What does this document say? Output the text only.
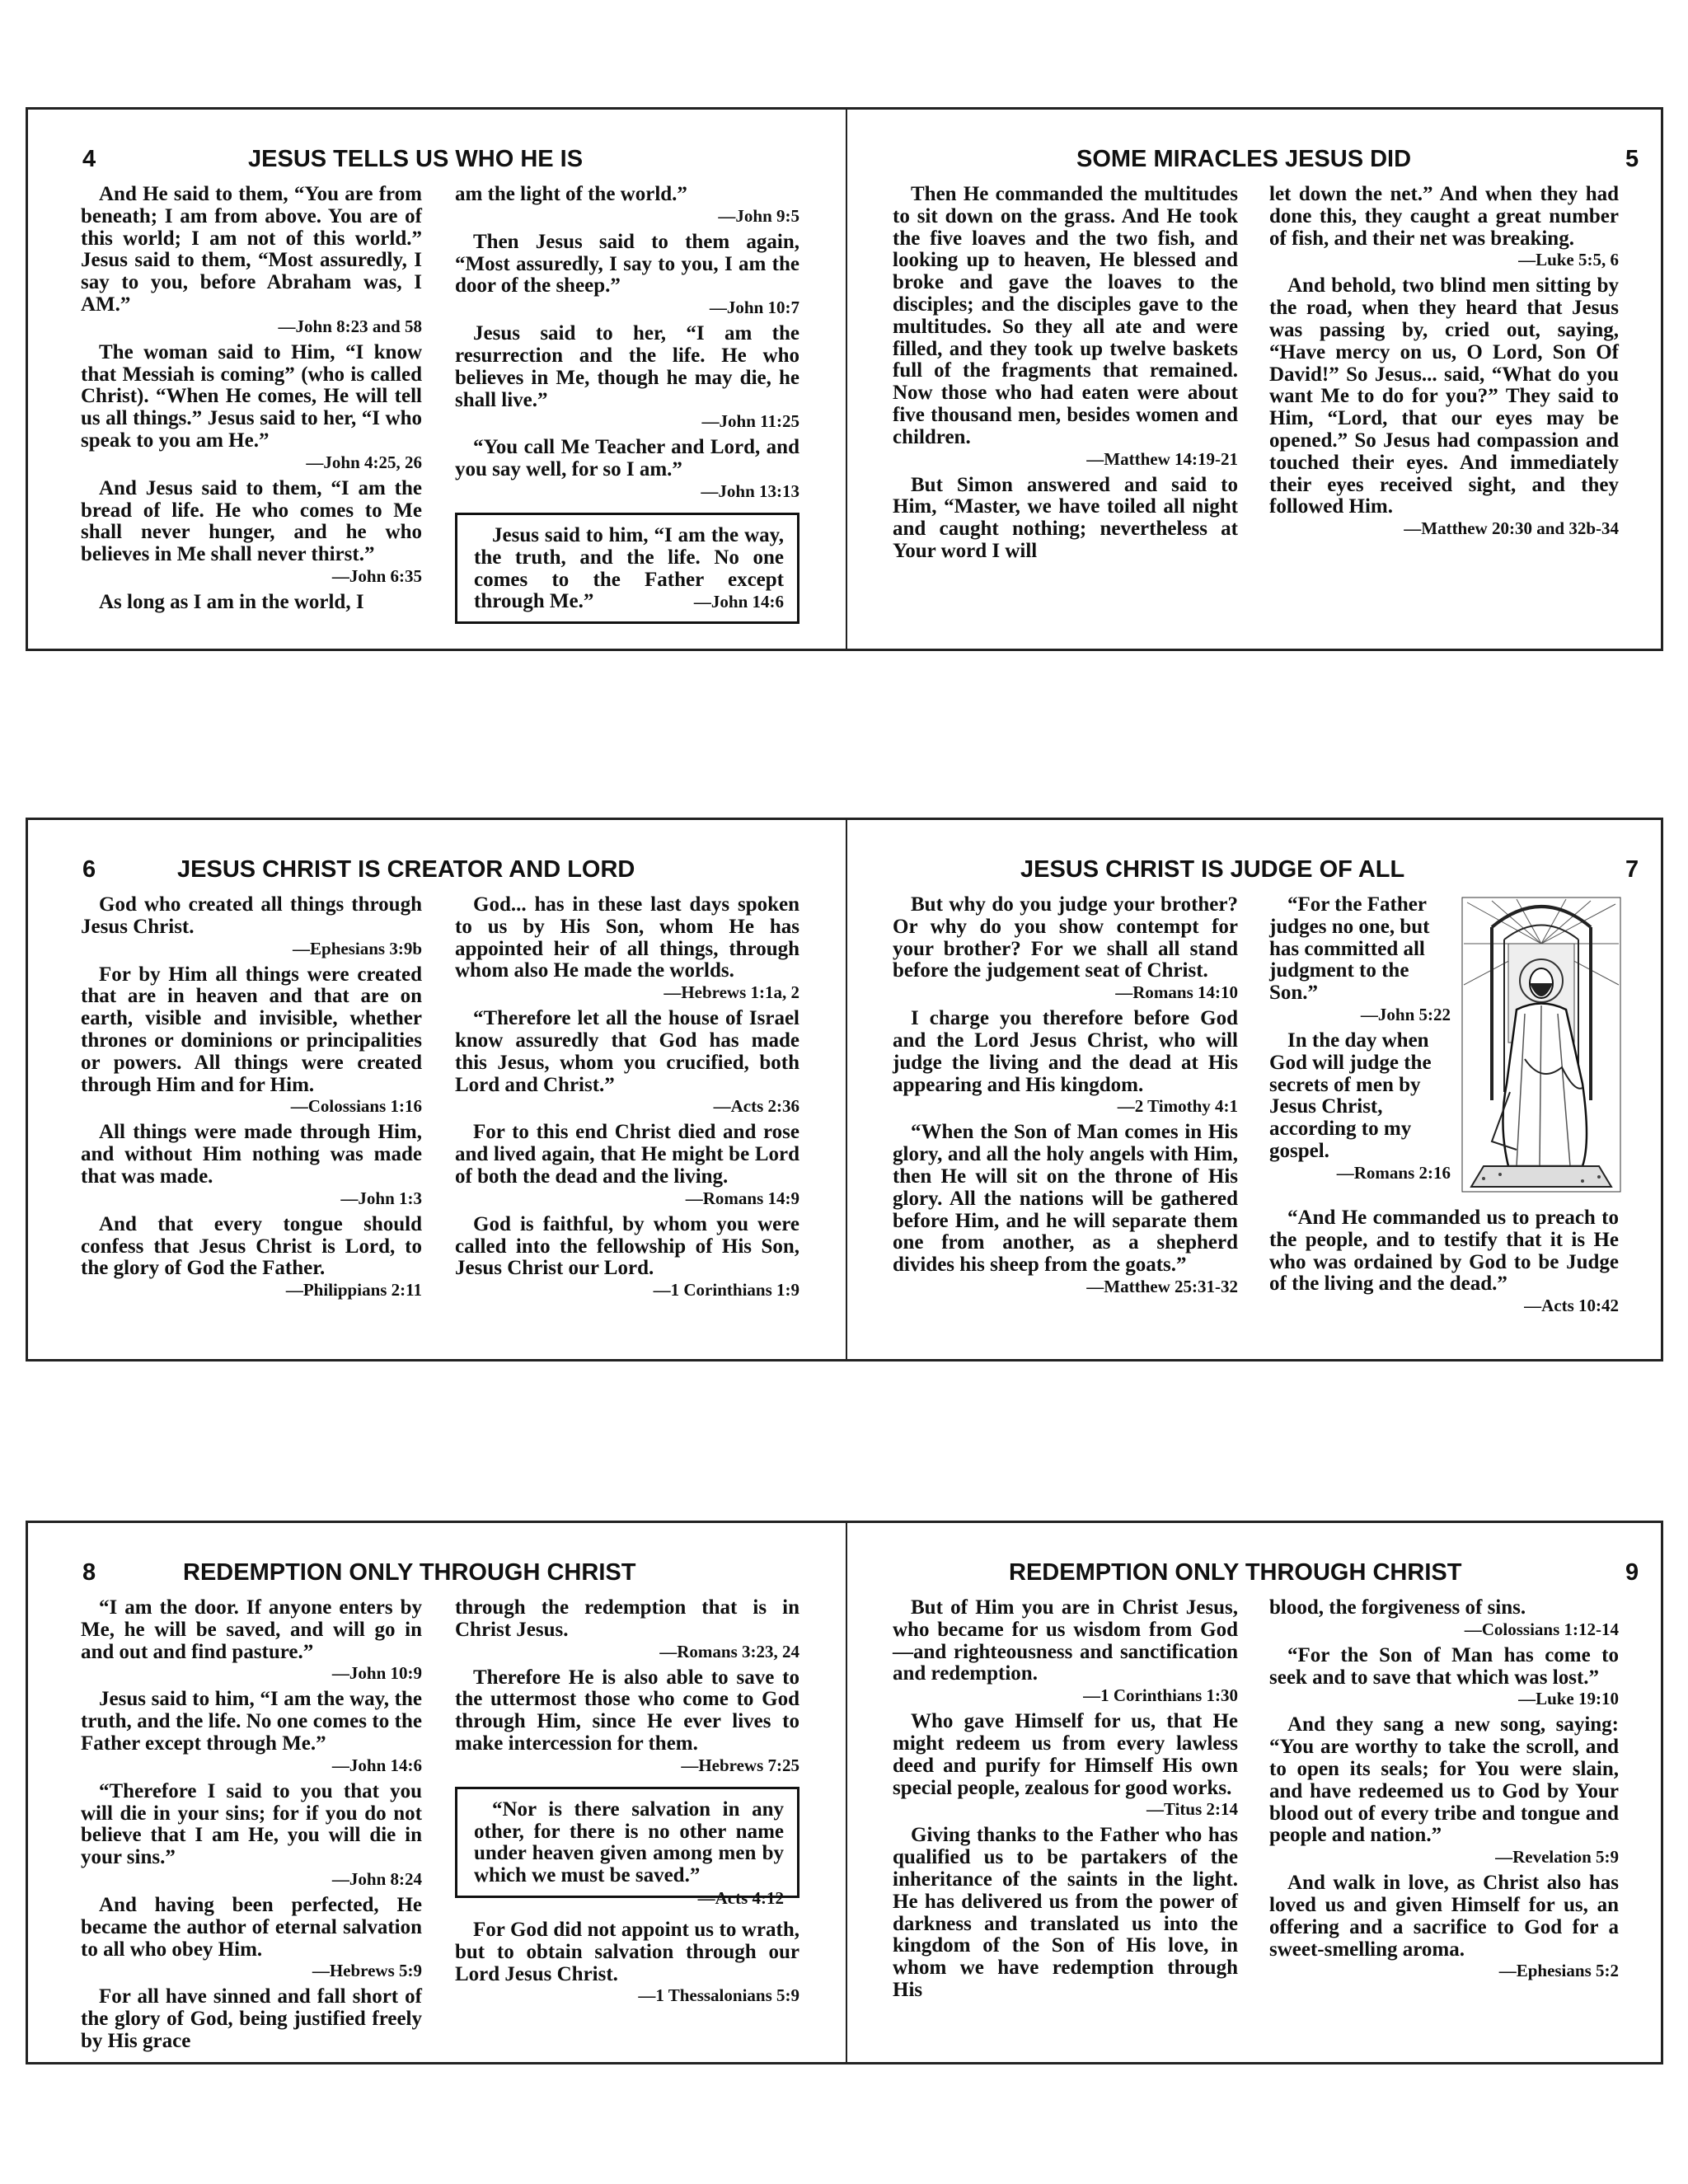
4	JESUS TELLS US WHO HE IS

And He said to them, “You are from beneath; I am from above. You are of this world; I am not of this world.” Jesus said to them, “Most assuredly, I say to you, before Abraham was, I AM.”
—John 8:23 and 58

The woman said to Him, “I know that Messiah is coming” (who is called Christ). “When He comes, He will tell us all things.” Jesus said to her, “I who speak to you am He.”
—John 4:25, 26

And Jesus said to them, “I am the bread of life. He who comes to Me shall never hunger, and he who believes in Me shall never thirst.”
—John 6:35

As long as I am in the world, I

am the light of the world.”
—John 9:5

Then Jesus said to them again, “Most assuredly, I say to you, I am the door of the sheep.”
—John 10:7

Jesus said to her, “I am the resurrection and the life. He who believes in Me, though he may die, he shall live.”
—John 11:25

“You call Me Teacher and Lord, and you say well, for so I am.”
—John 13:13

Jesus said to him, “I am the way, the truth, and the life. No one comes to the Father except through Me.”	—John 14:6

SOME MIRACLES JESUS DID	5

Then He commanded the multitudes to sit down on the grass. And He took the five loaves and the two fish, and looking up to heaven, He blessed and broke and gave the loaves to the disciples; and the disciples gave to the multitudes. So they all ate and were filled, and they took up twelve baskets full of the fragments that remained. Now those who had eaten were about five thousand men, besides women and children.
—Matthew 14:19-21

But Simon answered and said to Him, “Master, we have toiled all night and caught nothing; nevertheless at Your word I will

let down the net.” And when they had done this, they caught a great number of fish, and their net was breaking.
—Luke 5:5, 6

And behold, two blind men sitting by the road, when they heard that Jesus was passing by, cried out, saying, “Have mercy on us, O Lord, Son Of David!” So Jesus... said, “What do you want Me to do for you?” They said to Him, “Lord, that our eyes may be opened.” So Jesus had compassion and touched their eyes. And immediately their eyes received sight, and they followed Him.
—Matthew 20:30 and 32b-34

6	JESUS CHRIST IS CREATOR AND LORD

God who created all things through Jesus Christ.
—Ephesians 3:9b

For by Him all things were created that are in heaven and that are on earth, visible and invisible, whether thrones or dominions or principalities or powers. All things were created through Him and for Him.
—Colossians 1:16

All things were made through Him, and without Him nothing was made that was made.
—John 1:3

And that every tongue should confess that Jesus Christ is Lord, to the glory of God the Father.
—Philippians 2:11

God... has in these last days spoken to us by His Son, whom He has appointed heir of all things, through whom also He made the worlds.
—Hebrews 1:1a, 2

“Therefore let all the house of Israel know assuredly that God has made this Jesus, whom you crucified, both Lord and Christ.”
—Acts 2:36

For to this end Christ died and rose and lived again, that He might be Lord of both the dead and the living.
—Romans 14:9

God is faithful, by whom you were called into the fellowship of His Son, Jesus Christ our Lord.
—1 Corinthians 1:9

JESUS CHRIST IS JUDGE OF ALL	7

But why do you judge your brother? Or why do you show contempt for your brother? For we shall all stand before the judgement seat of Christ.
—Romans 14:10

I charge you therefore before God and the Lord Jesus Christ, who will judge the living and the dead at His appearing and His kingdom.
—2 Timothy 4:1

“When the Son of Man comes in His glory, and all the holy angels with Him, then He will sit on the throne of His glory. All the nations will be gathered before Him, and he will separate them one from another, as a shepherd divides his sheep from the goats.”
—Matthew 25:31-32

“For the Father judges no one, but has committed all judgment to the Son.”
—John 5:22

In the day when God will judge the secrets of men by Jesus Christ, according to my gospel.
—Romans 2:16

“And He commanded us to preach to the people, and to testify that it is He who was ordained by God to be Judge of the living and the dead.”
—Acts 10:42

8	REDEMPTION ONLY THROUGH CHRIST

“I am the door. If anyone enters by Me, he will be saved, and will go in and out and find pasture.”
—John 10:9

Jesus said to him, “I am the way, the truth, and the life. No one comes to the Father except through Me.”
—John 14:6

“Therefore I said to you that you will die in your sins; for if you do not believe that I am He, you will die in your sins.”
—John 8:24

And having been perfected, He became the author of eternal salvation to all who obey Him.
—Hebrews 5:9

For all have sinned and fall short of the glory of God, being justified freely by His grace

through the redemption that is in Christ Jesus.
—Romans 3:23, 24

Therefore He is also able to save to the uttermost those who come to God through Him, since He ever lives to make intercession for them.
—Hebrews 7:25

“Nor is there salvation in any other, for there is no other name under heaven given among men by which we must be saved.”
—Acts 4:12

For God did not appoint us to wrath, but to obtain salvation through our Lord Jesus Christ.
—1 Thessalonians 5:9

REDEMPTION ONLY THROUGH CHRIST	9

But of Him you are in Christ Jesus, who became for us wisdom from God—and righteousness and sanctification and redemption.
—1 Corinthians 1:30

Who gave Himself for us, that He might redeem us from every lawless deed and purify for Himself His own special people, zealous for good works.
—Titus 2:14

Giving thanks to the Father who has qualified us to be partakers of the inheritance of the saints in the light. He has delivered us from the power of darkness and translated us into the kingdom of the Son of His love, in whom we have redemption through His

blood, the forgiveness of sins.
—Colossians 1:12-14

“For the Son of Man has come to seek and to save that which was lost.”
—Luke 19:10

And they sang a new song, saying: “You are worthy to take the scroll, and to open its seals; for You were slain, and have redeemed us to God by Your blood out of every tribe and tongue and people and nation.”
—Revelation 5:9

And walk in love, as Christ also has loved us and given Himself for us, an offering and a sacrifice to God for a sweet-smelling aroma.
—Ephesians 5:2
